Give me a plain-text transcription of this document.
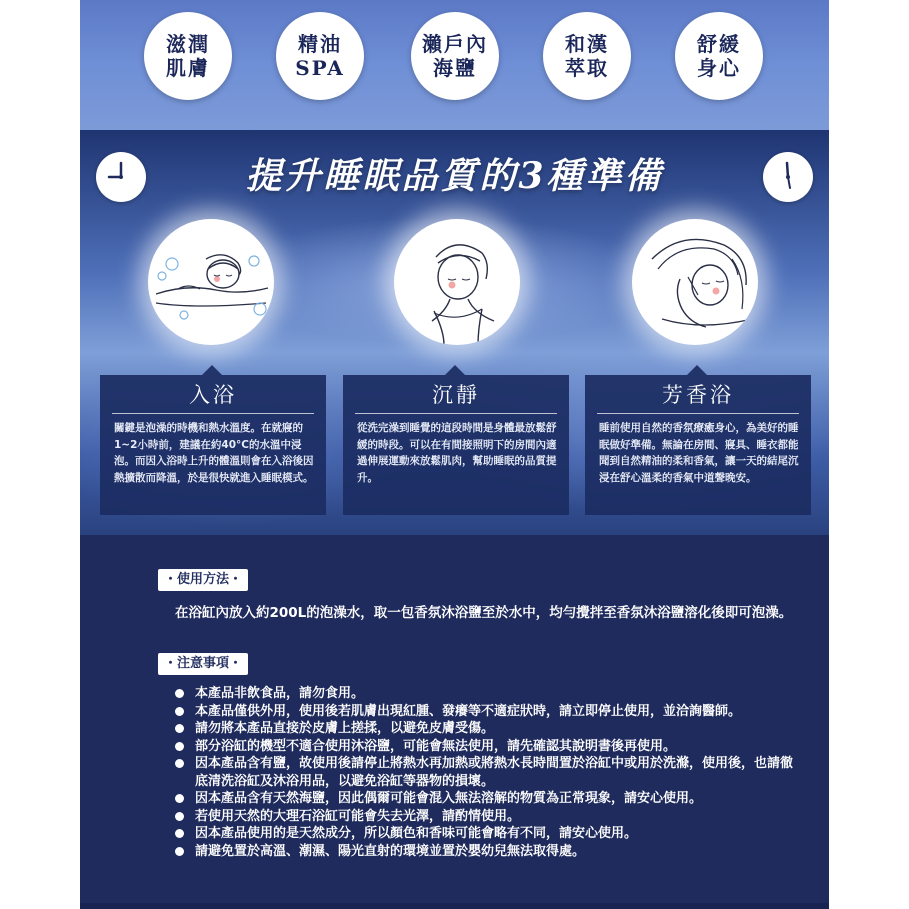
滋潤
肌膚
精油
SPA
瀨戶內
海鹽
和漢
萃取
舒緩
身心
提升睡眠品質的3種準備
入浴
關鍵是泡澡的時機和熱水溫度。在就寢的1~2小時前，建議在約40°C的水溫中浸泡。而因入浴時上升的體溫則會在入浴後因熱擴散而降溫，於是很快就進入睡眠模式。
沉靜
從洗完澡到睡覺的這段時間是身體最放鬆舒緩的時段。可以在有間接照明下的房間內適過伸展運動來放鬆肌肉，幫助睡眠的品質提升。
芳香浴
睡前使用自然的香氛療癒身心，為美好的睡眠做好準備。無論在房間、寢具、睡衣都能聞到自然精油的柔和香氣，讓一天的結尾沉浸在舒心溫柔的香氣中道聲晚安。
・使用方法・
在浴缸內放入約200L的泡澡水，取一包香氛沐浴鹽至於水中，均勻攪拌至香氛沐浴鹽溶化後即可泡澡。
・注意事項・
本產品非飲食品，請勿食用。
本產品僅供外用，使用後若肌膚出現紅腫、發癢等不適症狀時，請立即停止使用，並洽詢醫師。
請勿將本產品直接於皮膚上搓揉，以避免皮膚受傷。
部分浴缸的機型不適合使用沐浴鹽，可能會無法使用，請先確認其說明書後再使用。
因本產品含有鹽，故使用後請停止將熱水再加熱或將熱水長時間置於浴缸中或用於洗滌，使用後，也請徹底清洗浴缸及沐浴用品，以避免浴缸等器物的損壞。
因本產品含有天然海鹽，因此偶爾可能會混入無法溶解的物質為正常現象，請安心使用。
若使用天然的大理石浴缸可能會失去光澤，請酌情使用。
因本產品使用的是天然成分，所以顏色和香味可能會略有不同，請安心使用。
請避免置於高溫、潮濕、陽光直射的環境並置於嬰幼兒無法取得處。
